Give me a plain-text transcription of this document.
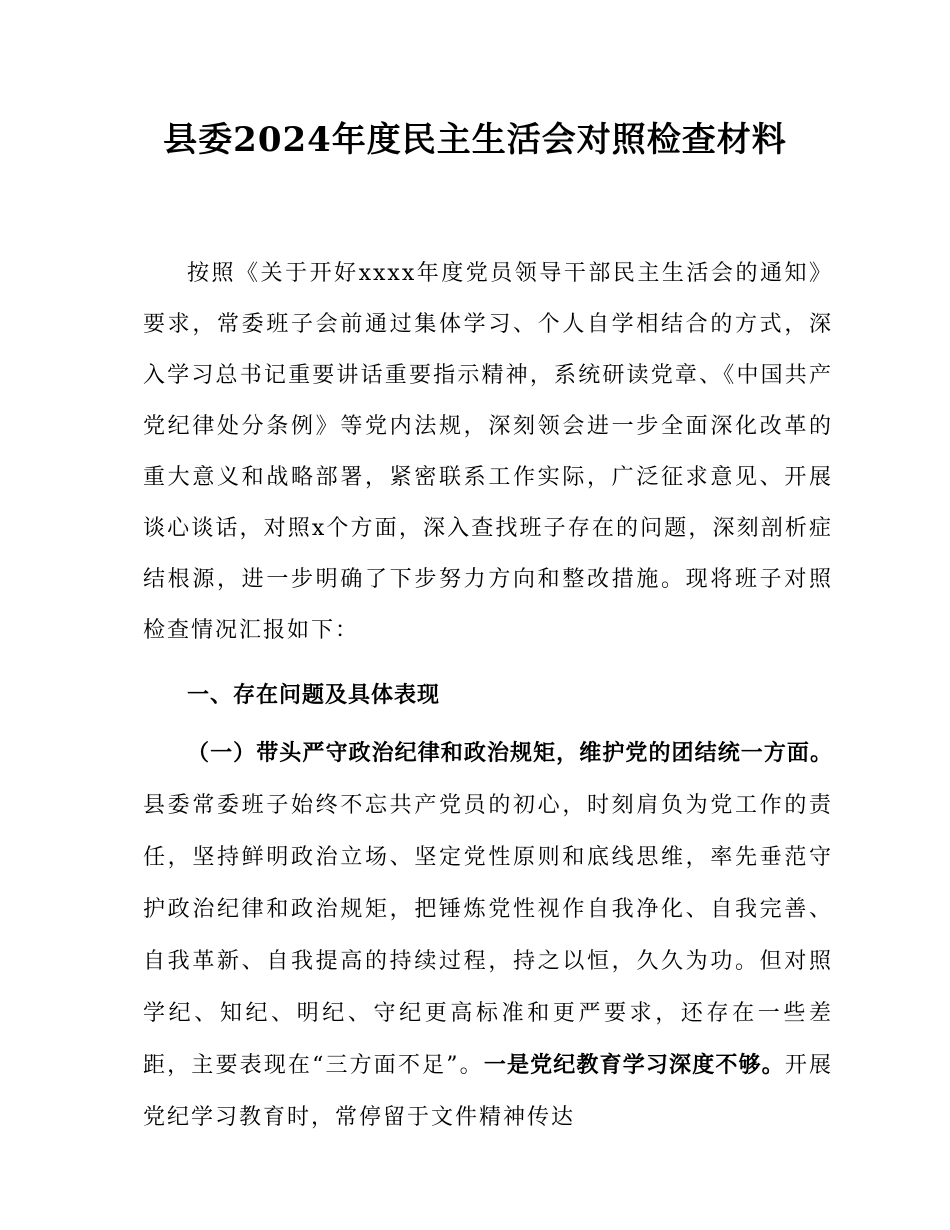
县委2024年度民主生活会对照检查材料

按照《关于开好xxxx年度党员领导干部民主生活会的通知》要求，常委班子会前通过集体学习、个人自学相结合的方式，深入学习总书记重要讲话重要指示精神，系统研读党章、《中国共产党纪律处分条例》等党内法规，深刻领会进一步全面深化改革的重大意义和战略部署，紧密联系工作实际，广泛征求意见、开展谈心谈话，对照x个方面，深入查找班子存在的问题，深刻剖析症结根源，进一步明确了下步努力方向和整改措施。现将班子对照检查情况汇报如下：

一、存在问题及具体表现

（一）带头严守政治纪律和政治规矩，维护党的团结统一方面。县委常委班子始终不忘共产党员的初心，时刻肩负为党工作的责任，坚持鲜明政治立场、坚定党性原则和底线思维，率先垂范守护政治纪律和政治规矩，把锤炼党性视作自我净化、自我完善、自我革新、自我提高的持续过程，持之以恒，久久为功。但对照学纪、知纪、明纪、守纪更高标准和更严要求，还存在一些差距，主要表现在“三方面不足”。一是党纪教育学习深度不够。开展党纪学习教育时，常停留于文件精神传达
